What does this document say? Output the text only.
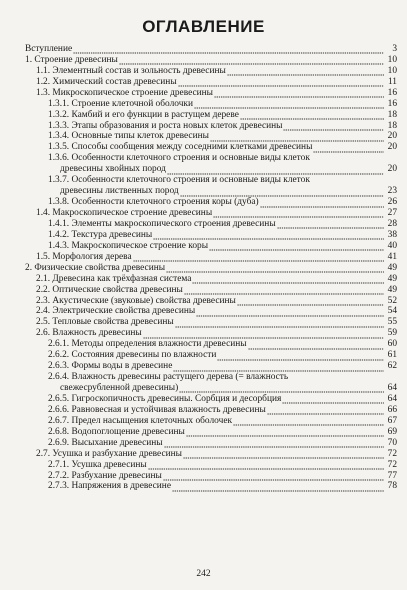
ОГЛАВЛЕНИЕ
Вступление	3
1. Строение древесины	10
1.1. Элементный состав и зольность древесины	10
1.2. Химический состав древесины	11
1.3. Микроскопическое строение древесины	16
1.3.1. Строение клеточной оболочки	16
1.3.2. Камбий и его функции в растущем дереве	18
1.3.3. Этапы образования и роста новых клеток древесины	18
1.3.4. Основные типы клеток древесины	20
1.3.5. Способы сообщения между соседними клетками древесины	20
1.3.6. Особенности клеточного строения и основные виды клеток
древесины хвойных пород	20
1.3.7. Особенности клеточного строения и основные виды клеток
древесины лиственных пород	23
1.3.8. Особенности клеточного строения коры (дуба)	26
1.4. Макроскопическое строение древесины	27
1.4.1. Элементы макроскопического строения древесины	28
1.4.2. Текстура древесины	38
1.4.3. Макроскопическое строение коры	40
1.5. Морфология дерева	41
2. Физические свойства древесины	49
2.1. Древесина как трёхфазная система	49
2.2. Оптические свойства древесины	49
2.3. Акустические (звуковые) свойства древесины	52
2.4. Электрические свойства древесины	54
2.5. Тепловые свойства древесины	55
2.6. Влажность древесины	59
2.6.1. Методы определения влажности древесины	60
2.6.2. Состояния древесины по влажности	61
2.6.3. Формы воды в древесине	62
2.6.4. Влажность древесины растущего дерева (= влажность
свежесрубленной древесины)	64
2.6.5. Гигроскопичность древесины. Сорбция и десорбция	64
2.6.6. Равновесная и устойчивая влажность древесины	66
2.6.7. Предел насыщения клеточных оболочек	67
2.6.8. Водопоглощение древесины	69
2.6.9. Высыхание древесины	70
2.7. Усушка и разбухание древесины	72
2.7.1. Усушка древесины	72
2.7.2. Разбухание древесины	77
2.7.3. Напряжения в древесине	78
242
